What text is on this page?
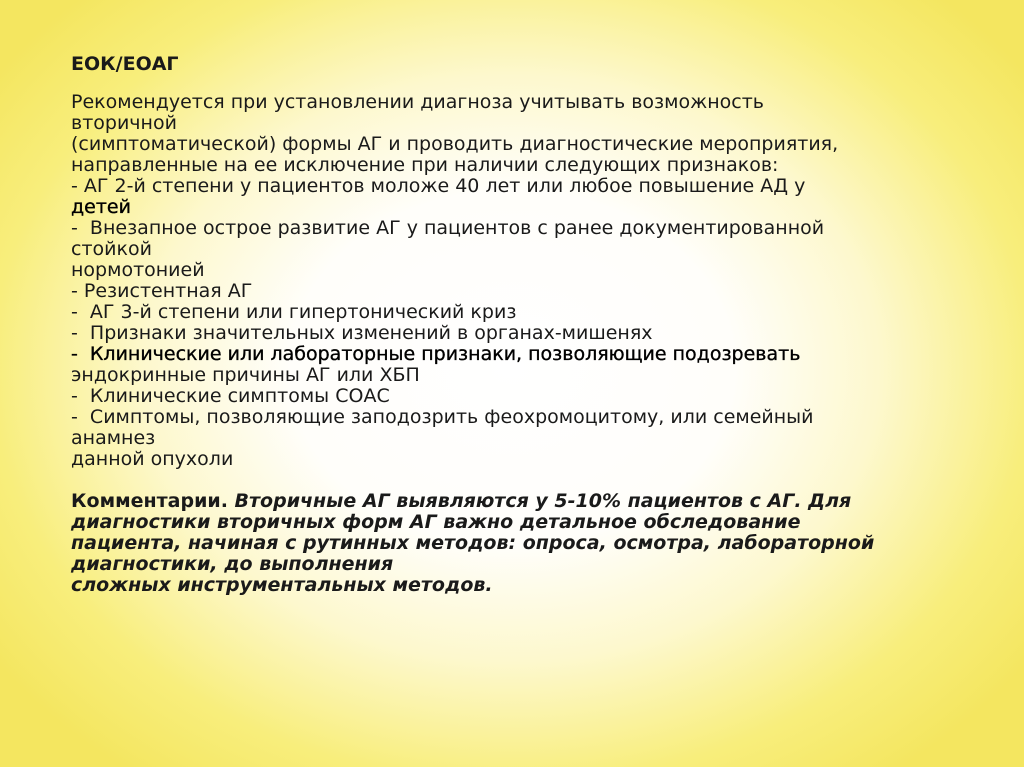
ЕОК/ЕОАГ
Рекомендуется при установлении диагноза учитывать возможность
вторичной
(симптоматической) формы АГ и проводить диагностические мероприятия,
направленные на ее исключение при наличии следующих признаков:
- АГ 2-й степени у пациентов моложе 40 лет или любое повышение АД у
детей
-  Внезапное острое развитие АГ у пациентов с ранее документированной
стойкой
нормотонией
- Резистентная АГ
-  АГ 3-й степени или гипертонический криз
-  Признаки значительных изменений в органах-мишенях
-  Клинические или лабораторные признаки, позволяющие подозревать
эндокринные причины АГ или ХБП
-  Клинические симптомы СОАС
-  Симптомы, позволяющие заподозрить феохромоцитому, или семейный
анамнез
данной опухоли
Комментарии. Вторичные АГ выявляются у 5-10% пациентов с АГ. Для
диагностики вторичных форм АГ важно детальное обследование
пациента, начиная с рутинных методов: опроса, осмотра, лабораторной
диагностики, до выполнения
сложных инструментальных методов.
